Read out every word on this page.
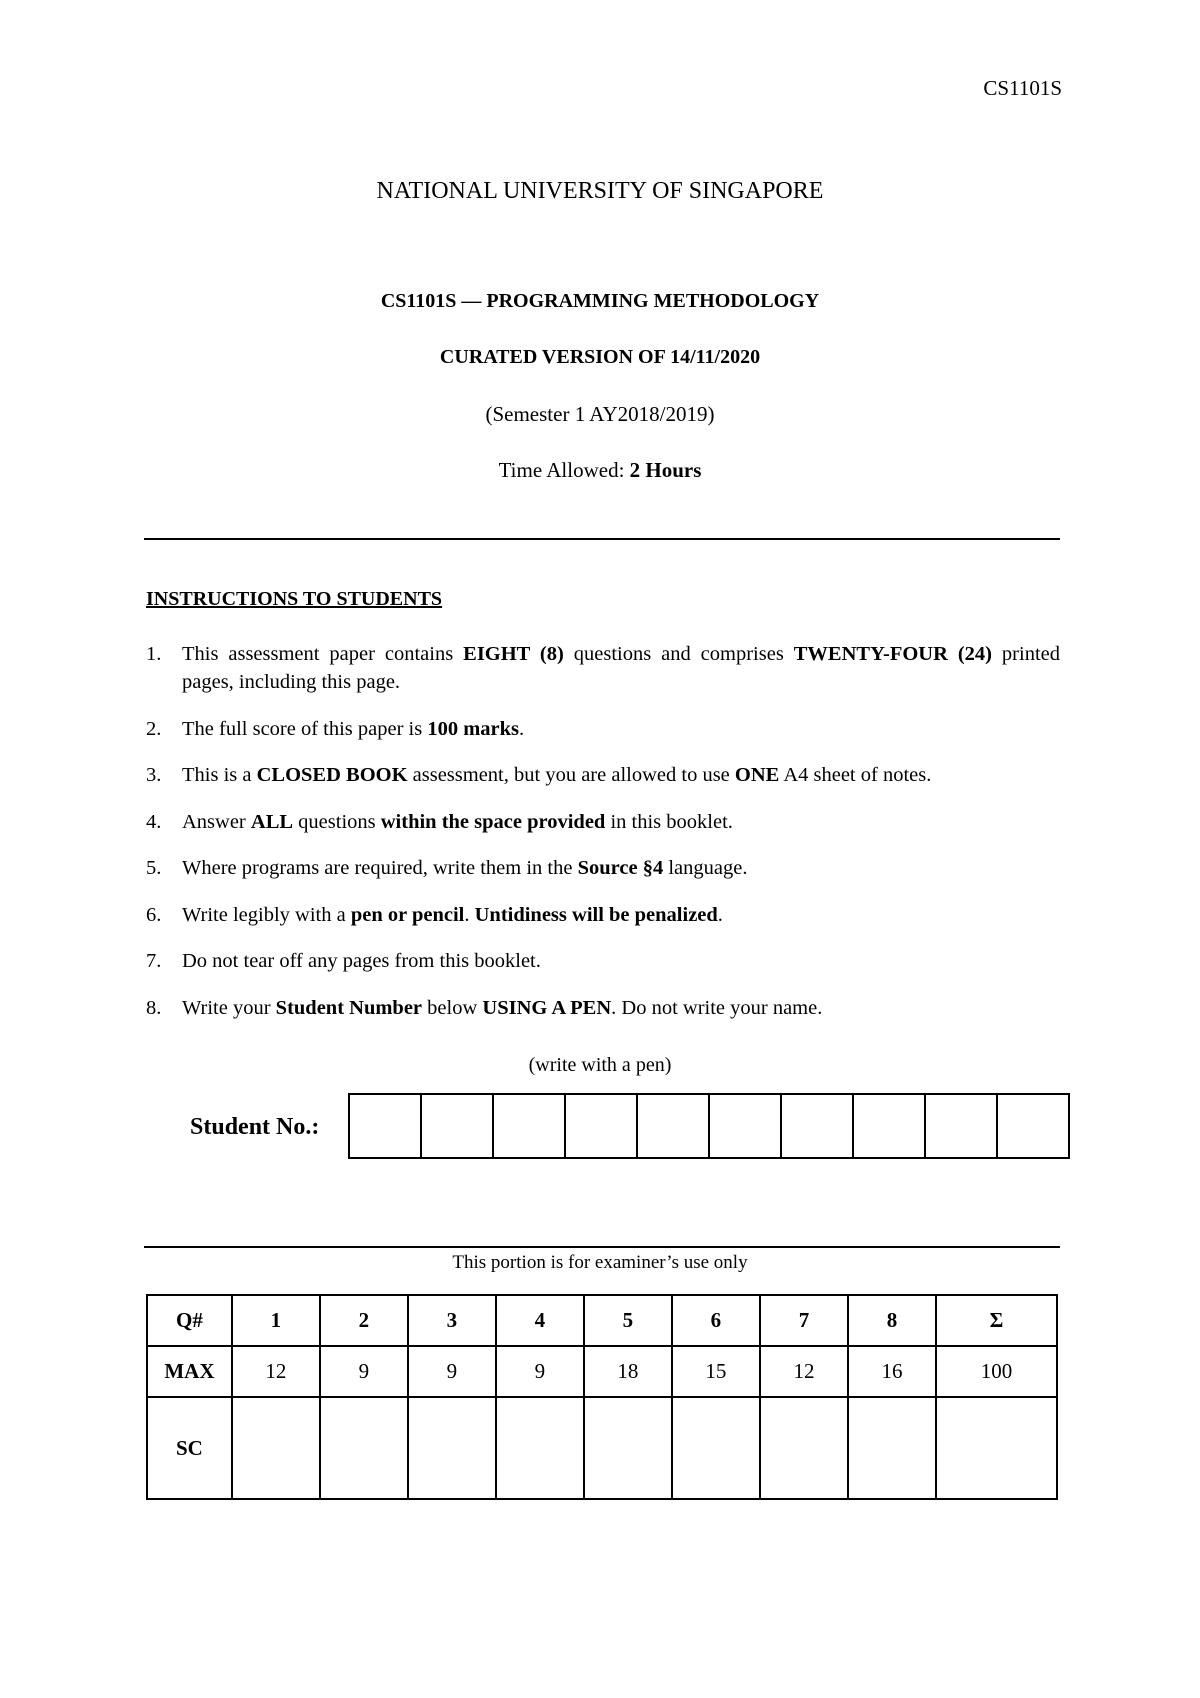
CS1101S
NATIONAL UNIVERSITY OF SINGAPORE
CS1101S — PROGRAMMING METHODOLOGY
CURATED VERSION OF 14/11/2020
(Semester 1 AY2018/2019)
Time Allowed: 2 Hours
INSTRUCTIONS TO STUDENTS
1. This assessment paper contains EIGHT (8) questions and comprises TWENTY-FOUR (24) printed pages, including this page.
2. The full score of this paper is 100 marks.
3. This is a CLOSED BOOK assessment, but you are allowed to use ONE A4 sheet of notes.
4. Answer ALL questions within the space provided in this booklet.
5. Where programs are required, write them in the Source §4 language.
6. Write legibly with a pen or pencil. Untidiness will be penalized.
7. Do not tear off any pages from this booklet.
8. Write your Student Number below USING A PEN. Do not write your name.
(write with a pen)
Student No.:
This portion is for examiner’s use only
Q#	1	2	3	4	5	6	7	8	Σ
MAX	12	9	9	9	18	15	12	16	100
SC									
